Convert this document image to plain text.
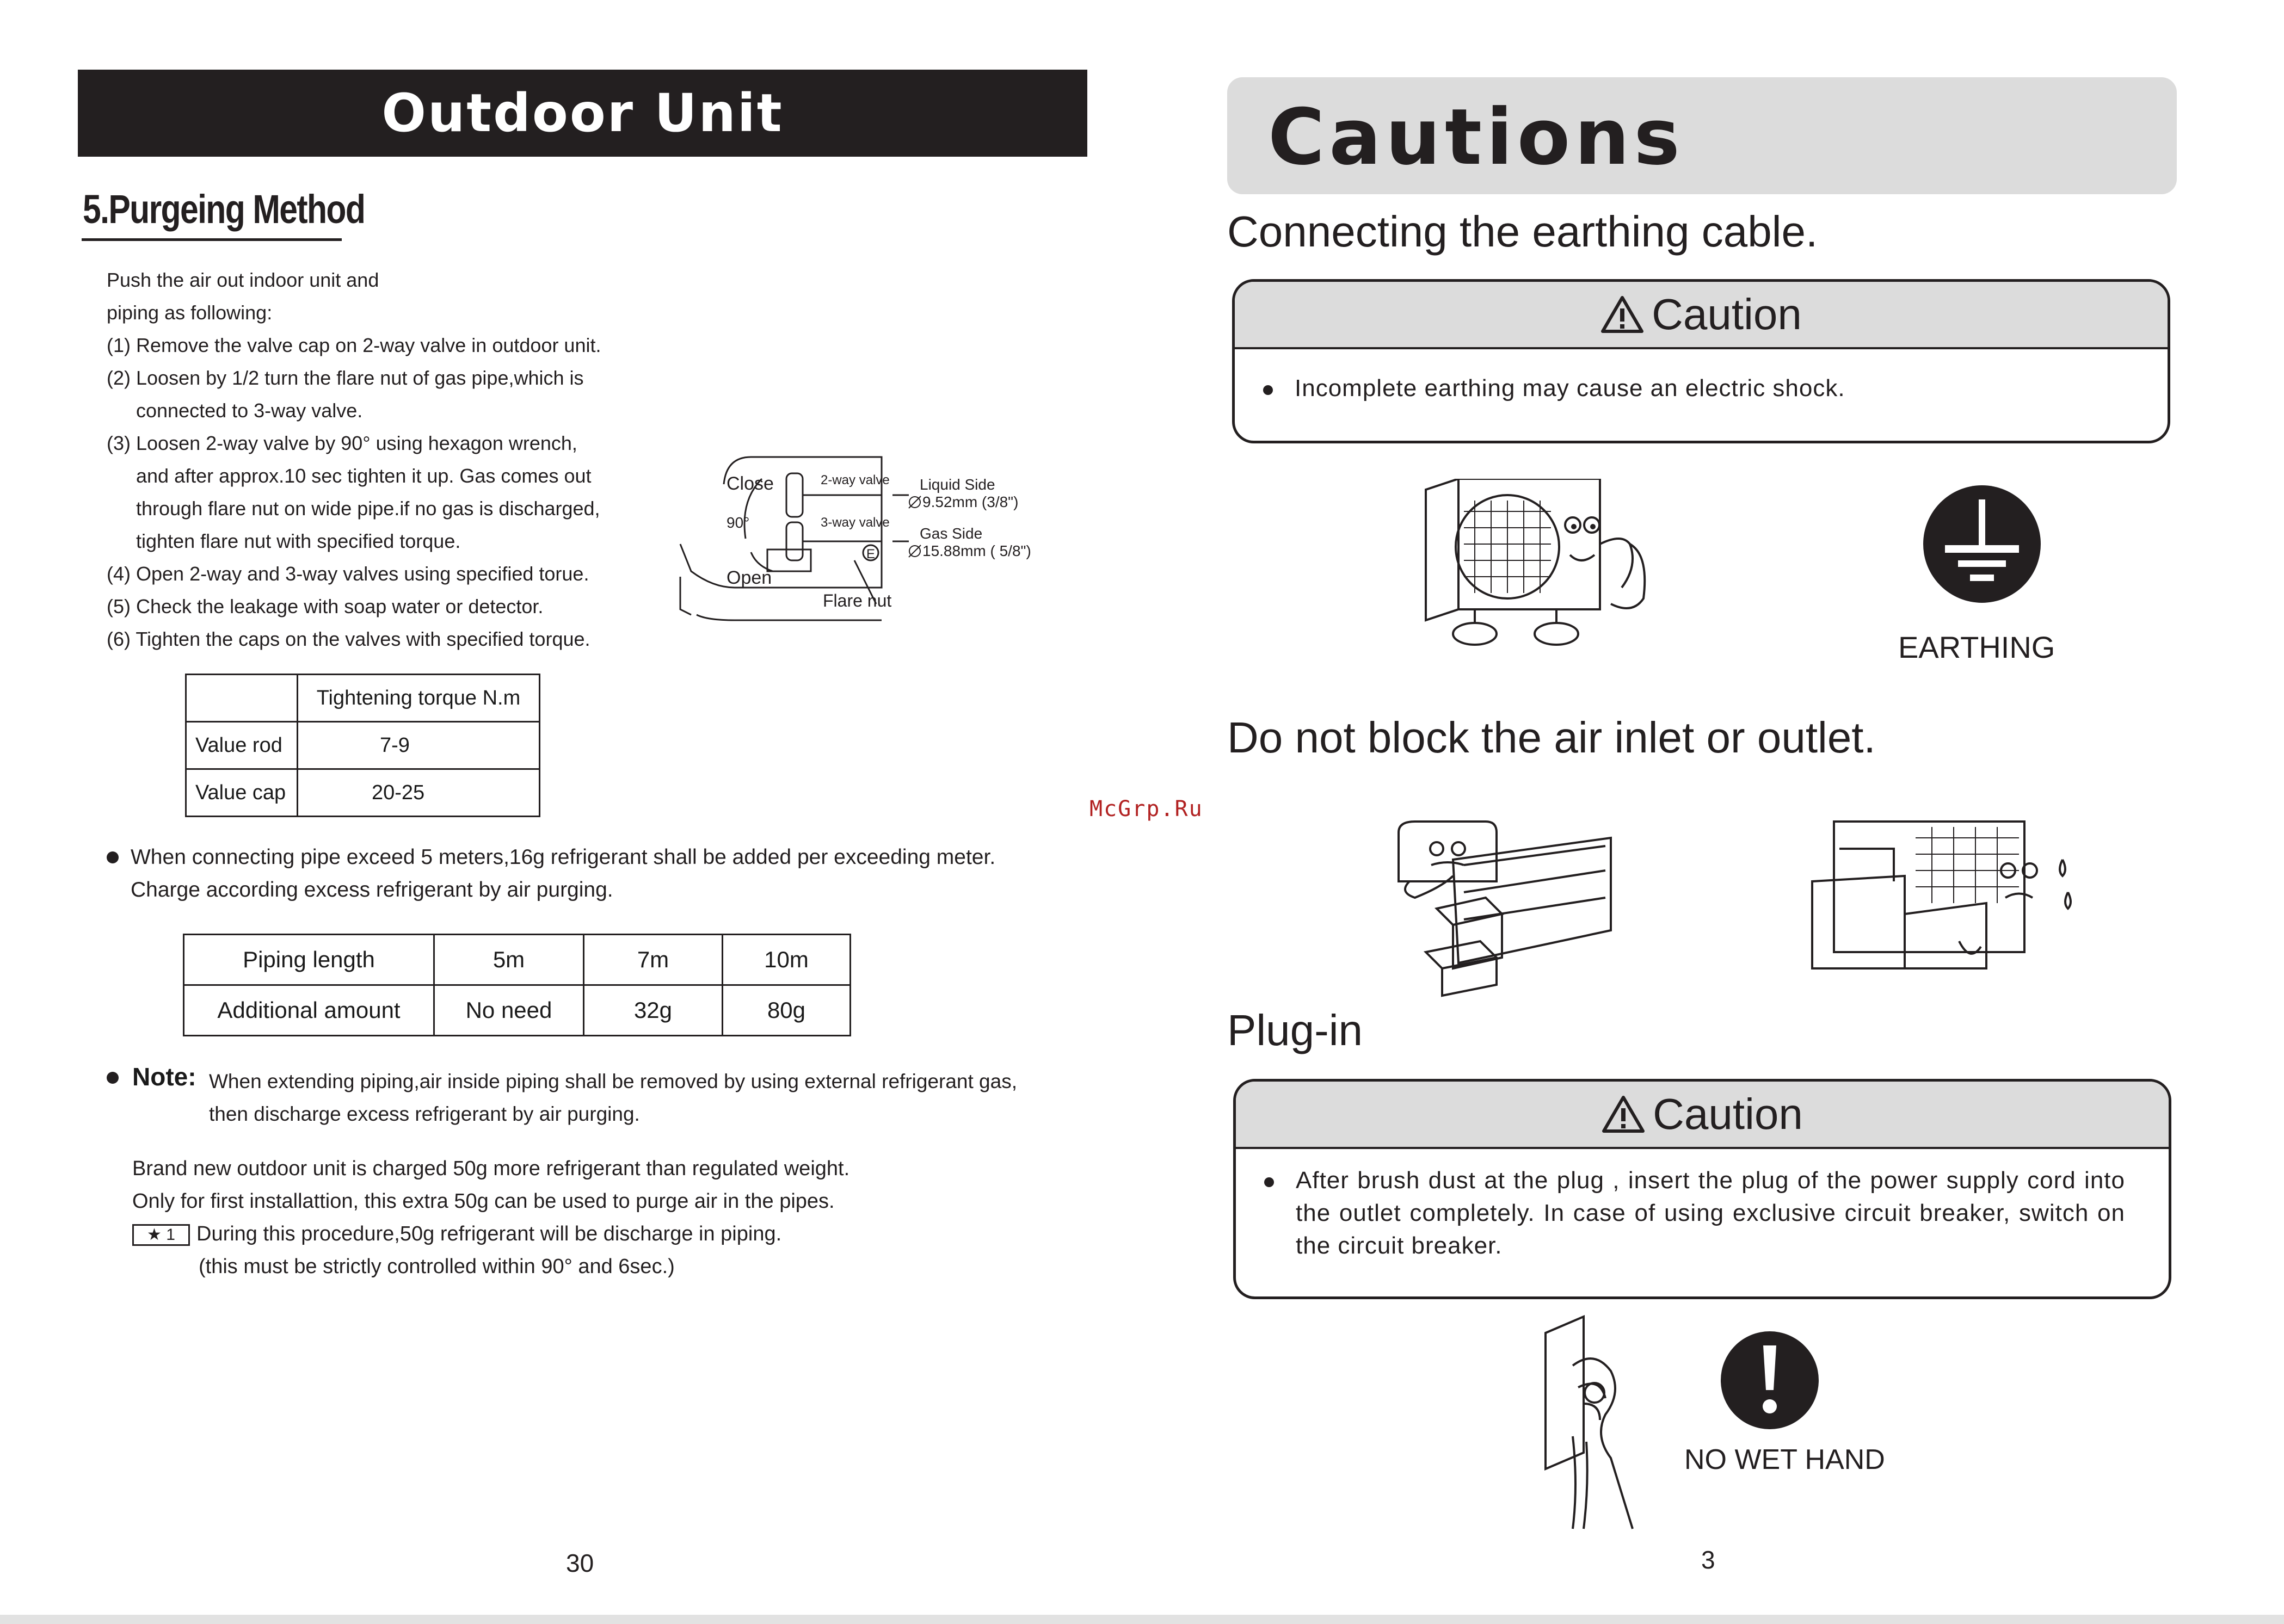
Outdoor Unit
5.Purgeing Method
Push the air out indoor unit and
piping as following:
(1) Remove the valve cap on 2-way valve in outdoor unit.
(2) Loosen by 1/2 turn the flare nut of gas pipe,which is
connected to 3-way valve.
(3) Loosen 2-way valve by 90° using hexagon wrench,
and after approx.10 sec tighten it up. Gas comes out
through flare nut on wide pipe.if no gas is discharged,
tighten flare nut with specified torque.
(4) Open 2-way and 3-way valves using specified torue.
(5) Check the leakage with soap water or detector.
(6) Tighten the caps on the valves with specified torque.
Close
90°
Open
2-way valve
3-way valve
E
Liquid Side
9.52mm (3/8")
Gas Side
15.88mm ( 5/8")
Flare nut
	Tightening torque N.m
Value rod	7-9
Value cap	20-25
When connecting pipe exceed 5 meters,16g refrigerant shall be added per exceeding meter.
Charge according excess refrigerant by air purging.
Piping length	5m	7m	10m
Additional amount	No need	32g	80g
Note: When extending piping,air inside piping shall be removed by using external refrigerant gas,
then discharge excess refrigerant by air purging.
Brand new outdoor unit is charged 50g more refrigerant than regulated weight.
Only for first installattion, this extra 50g can be used to purge air in the pipes.
★ 1 During this procedure,50g refrigerant will be discharge in piping.
(this must be strictly controlled within 90° and 6sec.)
30
McGrp.Ru
Cautions
Connecting the earthing cable.
Caution
Incomplete earthing may cause an electric shock.
EARTHING
Do not block the air inlet or outlet.
Plug-in
Caution
After brush dust at the plug , insert the plug of the power supply cord into the outlet completely. In case of using exclusive circuit breaker, switch on the circuit breaker.
NO WET HAND
3
